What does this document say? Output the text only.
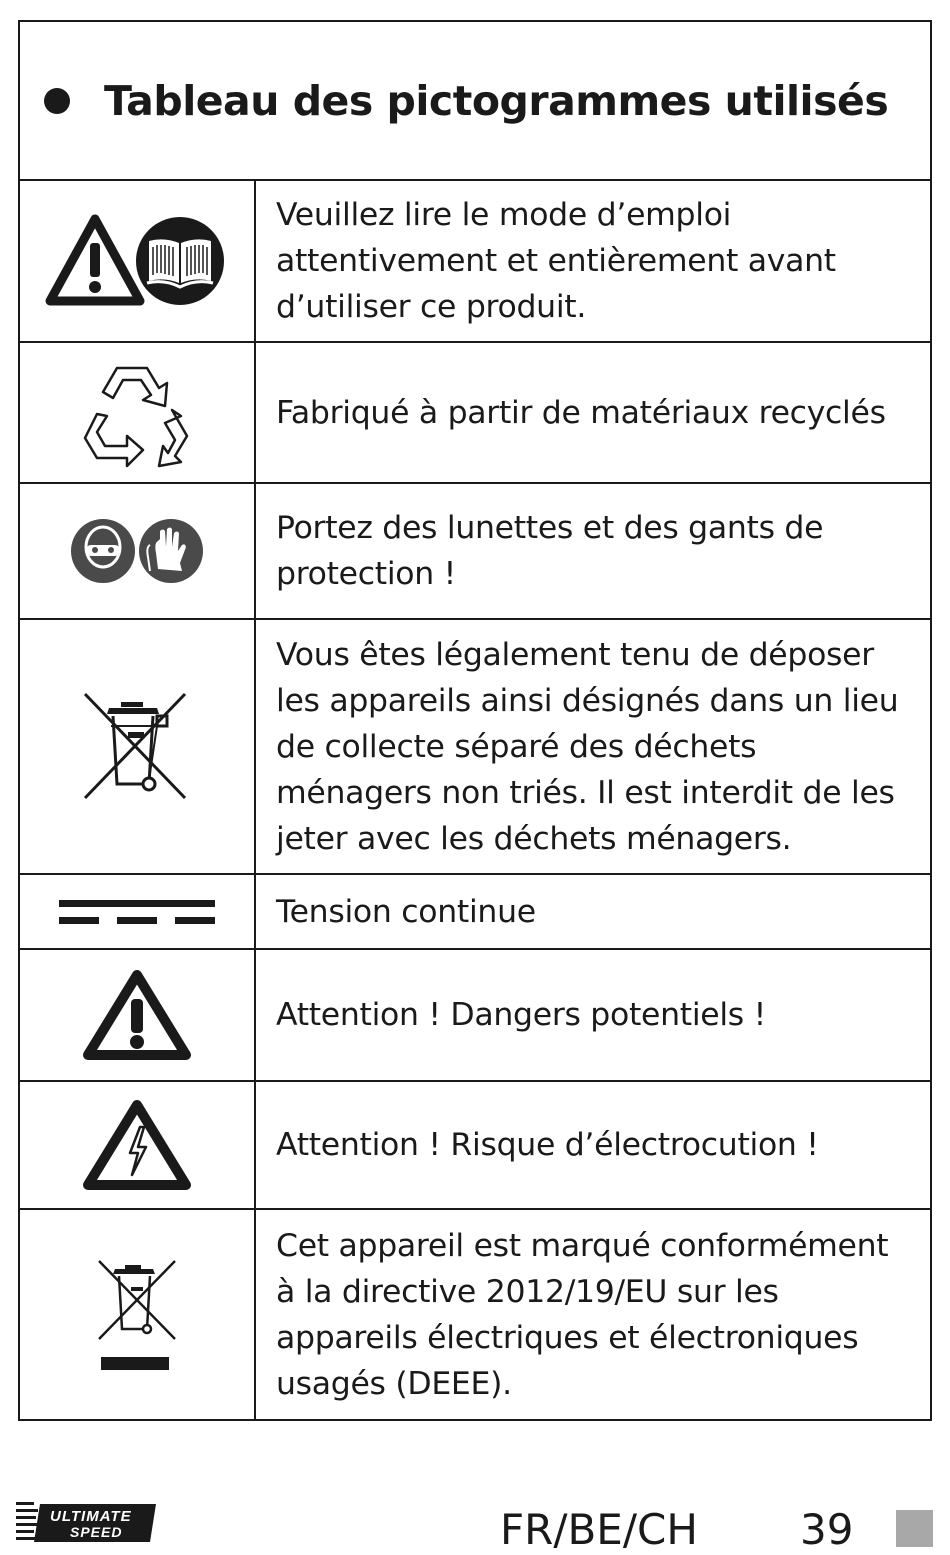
Tableau des pictogrammes utilisés
Veuillez lire le mode d’emploi attentivement et entièrement avant d’utiliser ce produit.
Fabriqué à partir de matériaux recyclés
Portez des lunettes et des gants de protection !
Vous êtes légalement tenu de déposer les appareils ainsi désignés dans un lieu de collecte séparé des déchets ménagers non triés. Il est interdit de les jeter avec les déchets ménagers.
Tension continue
Attention ! Dangers potentiels !
Attention ! Risque d’électrocution !
Cet appareil est marqué conformément à la directive 2012/19/EU sur les appareils électriques et électroniques usagés (DEEE).
ULTIMATE
SPEED	FR/BE/CH 39
